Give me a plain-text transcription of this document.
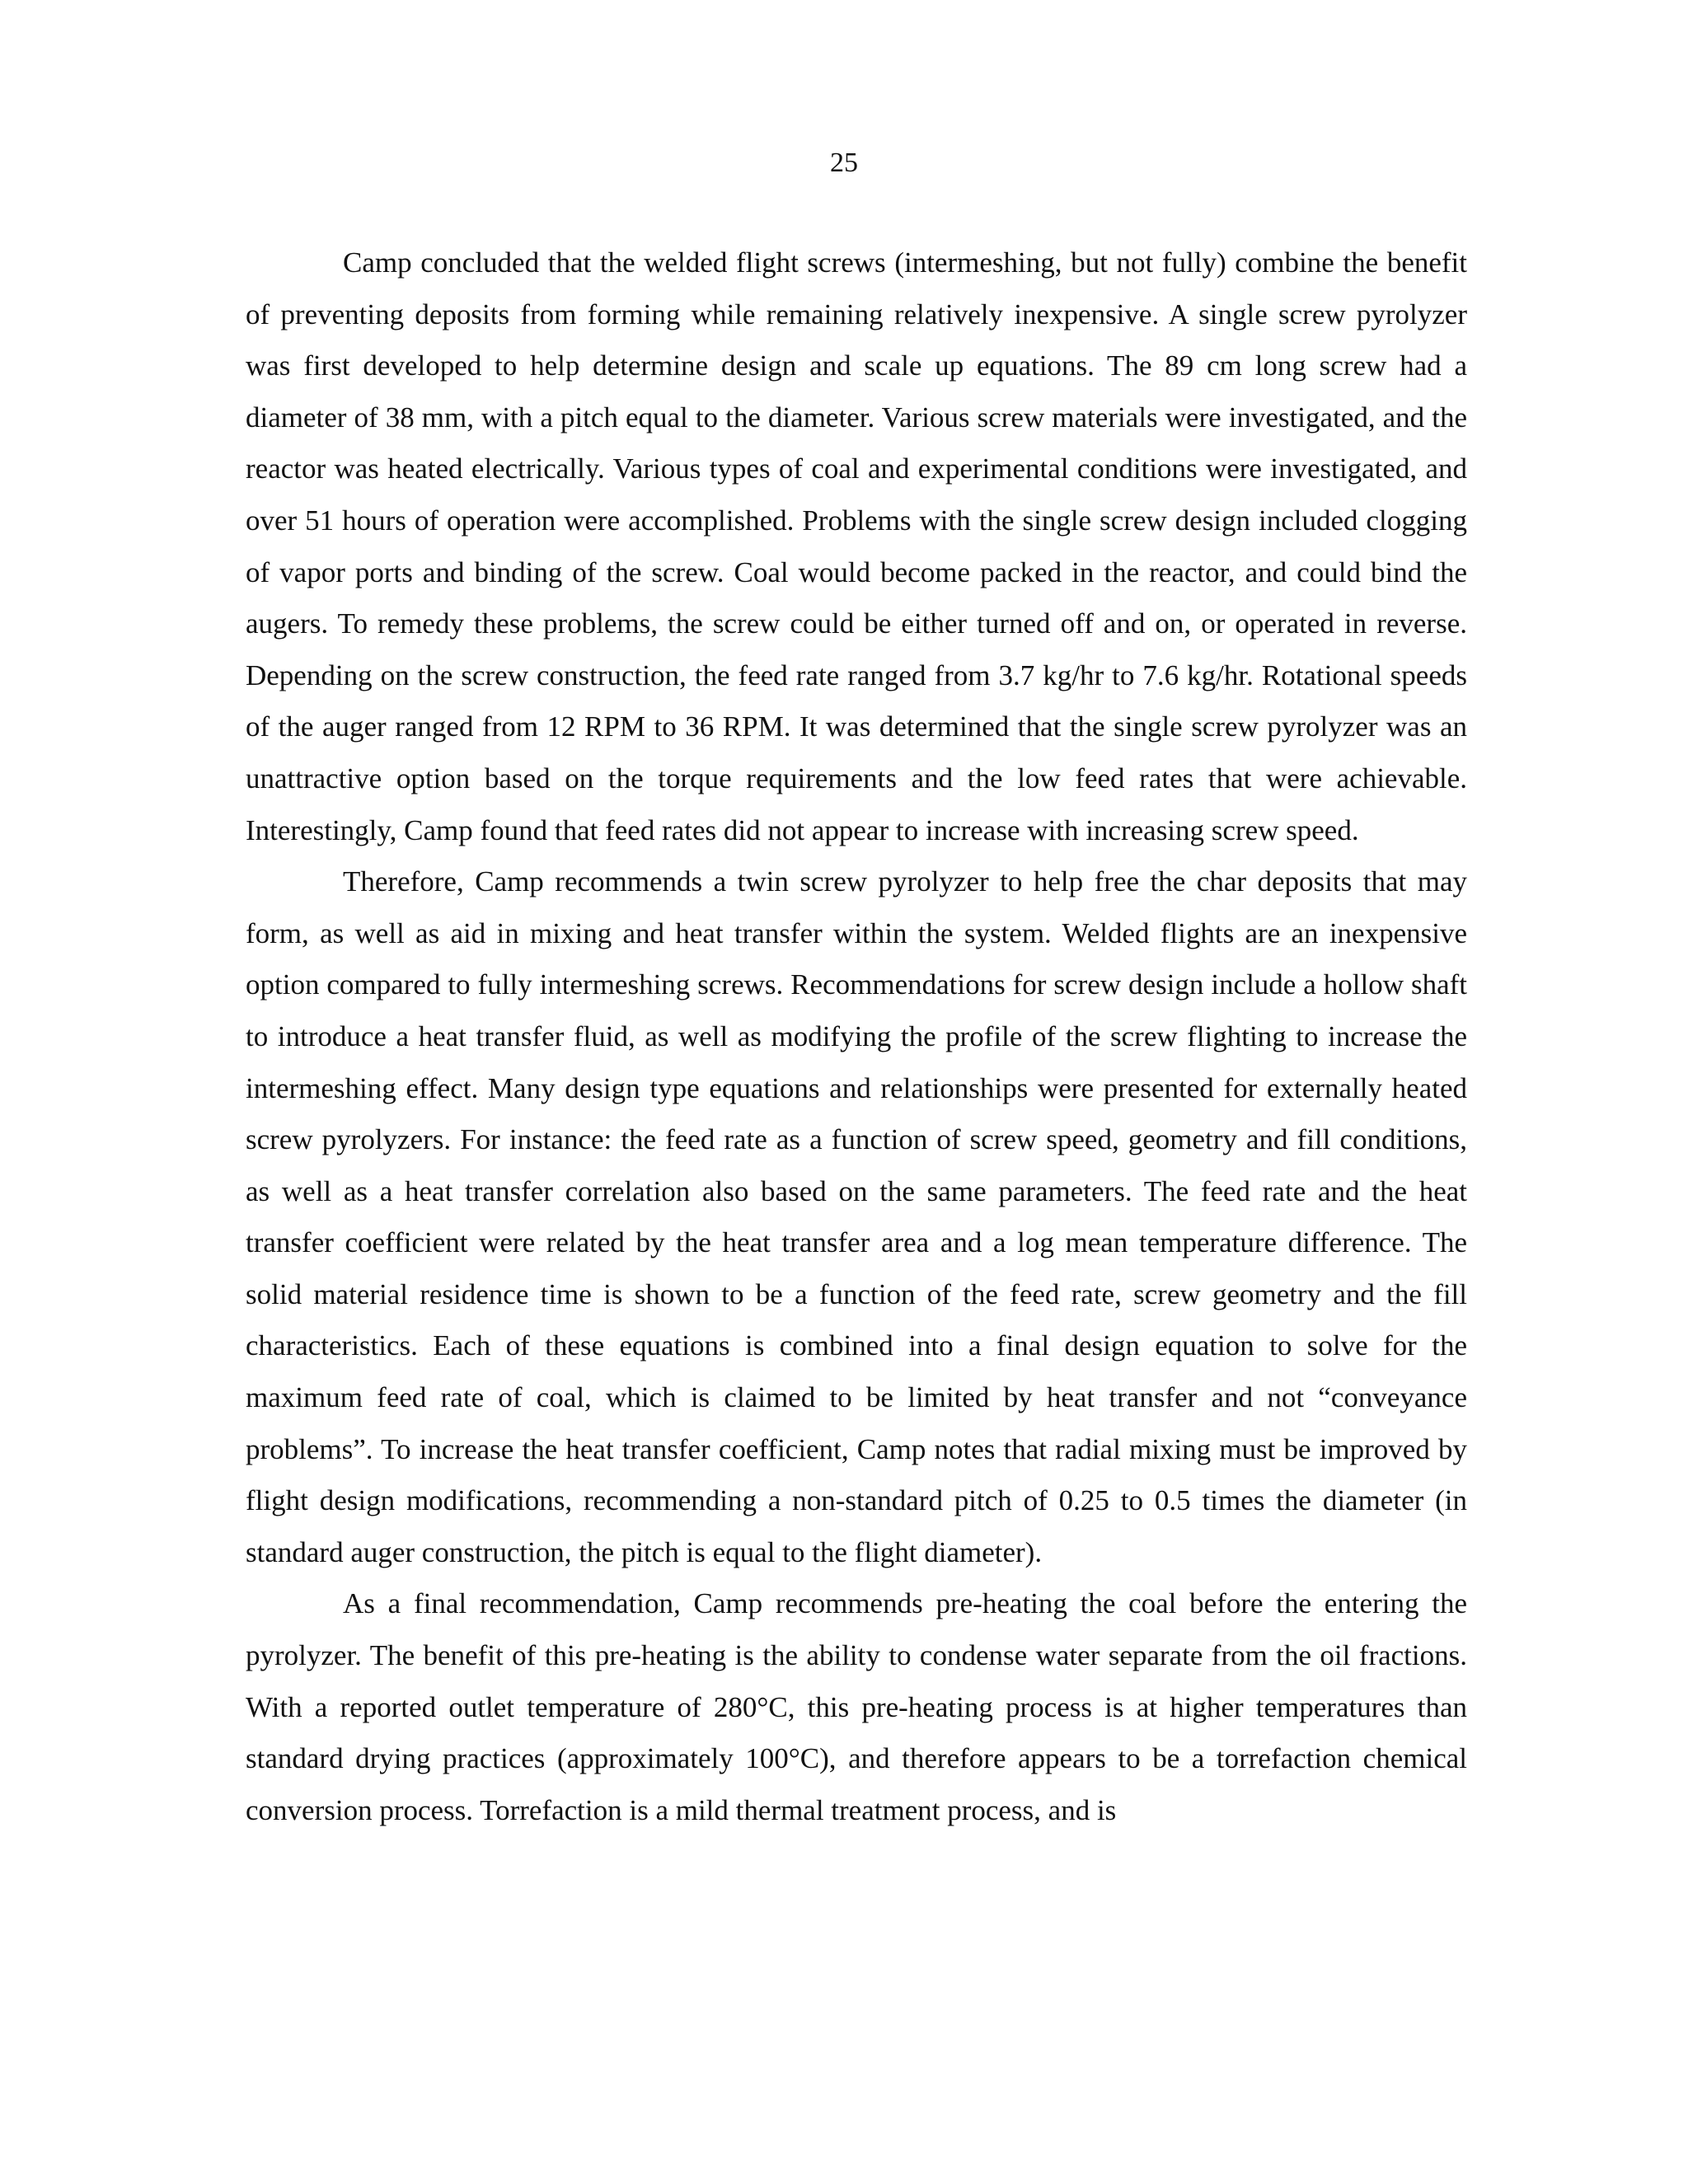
25

Camp concluded that the welded flight screws (intermeshing, but not fully) combine the benefit of preventing deposits from forming while remaining relatively inexpensive. A single screw pyrolyzer was first developed to help determine design and scale up equations. The 89 cm long screw had a diameter of 38 mm, with a pitch equal to the diameter. Various screw materials were investigated, and the reactor was heated electrically. Various types of coal and experimental conditions were investigated, and over 51 hours of operation were accomplished. Problems with the single screw design included clogging of vapor ports and binding of the screw. Coal would become packed in the reactor, and could bind the augers. To remedy these problems, the screw could be either turned off and on, or operated in reverse. Depending on the screw construction, the feed rate ranged from 3.7 kg/hr to 7.6 kg/hr. Rotational speeds of the auger ranged from 12 RPM to 36 RPM. It was determined that the single screw pyrolyzer was an unattractive option based on the torque requirements and the low feed rates that were achievable. Interestingly, Camp found that feed rates did not appear to increase with increasing screw speed.

Therefore, Camp recommends a twin screw pyrolyzer to help free the char deposits that may form, as well as aid in mixing and heat transfer within the system. Welded flights are an inexpensive option compared to fully intermeshing screws. Recommendations for screw design include a hollow shaft to introduce a heat transfer fluid, as well as modifying the profile of the screw flighting to increase the intermeshing effect. Many design type equations and relationships were presented for externally heated screw pyrolyzers. For instance: the feed rate as a function of screw speed, geometry and fill conditions, as well as a heat transfer correlation also based on the same parameters. The feed rate and the heat transfer coefficient were related by the heat transfer area and a log mean temperature difference. The solid material residence time is shown to be a function of the feed rate, screw geometry and the fill characteristics. Each of these equations is combined into a final design equation to solve for the maximum feed rate of coal, which is claimed to be limited by heat transfer and not “conveyance problems”. To increase the heat transfer coefficient, Camp notes that radial mixing must be improved by flight design modifications, recommending a non-standard pitch of 0.25 to 0.5 times the diameter (in standard auger construction, the pitch is equal to the flight diameter).

As a final recommendation, Camp recommends pre-heating the coal before the entering the pyrolyzer. The benefit of this pre-heating is the ability to condense water separate from the oil fractions. With a reported outlet temperature of 280°C, this pre-heating process is at higher temperatures than standard drying practices (approximately 100°C), and therefore appears to be a torrefaction chemical conversion process. Torrefaction is a mild thermal treatment process, and is
